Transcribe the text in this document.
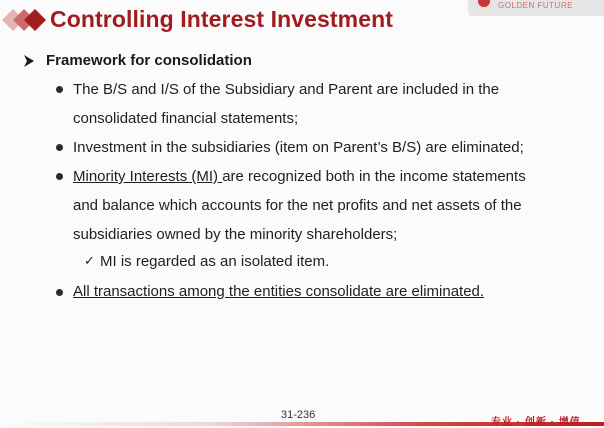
Controlling Interest Investment
GOLDEN FUTURE
Framework for consolidation
The B/S and I/S of the Subsidiary and Parent are included in the
consolidated financial statements;
Investment in the subsidiaries (item on Parent’s B/S) are eliminated;
Minority Interests (MI) are recognized both in the income statements
and balance which accounts for the net profits and net assets of the
subsidiaries owned by the minority shareholders;
✓ MI is regarded as an isolated item.
All transactions among the entities consolidate are eliminated.
31-236
专业 · 创新 · 增值
